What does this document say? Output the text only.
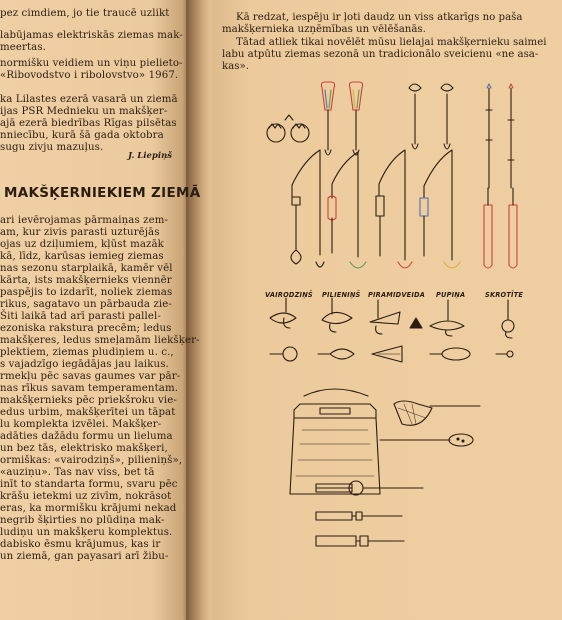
pez cimdiem, jo tie traucē uzlikt
labūjamas elektriskās ziemas mak-
meertas.
normišku veidiem un viņu pielieto-
«Ribovodstvo i ribolovstvo» 1967.
ka Lilastes ezerā vasarā un ziemā
ijas PSR Mednieku un makšķer-
ajā ezerā biedrības Rīgas pilsētas
nniecību, kurā šā gada oktobra
sugu zivju mazuļus.
J. Liepiņš
MAKŠĶERNIEKIEM ZIEMĀ
ari ievērojamas pārmaiņas zem-
am, kur zivis parasti uzturējās
ojas uz dziļumiem, kļūst mazāk
kā, līdz, karūsas iemieg ziemas
nas sezonu starplaikā, kamēr vēl
kārta, ists makšķernieks viennēr
paspējis to izdarīt, noliek ziemas
rikus, sagatavo un pārbauda zie-
Šiti laikā tad arī parasti pallel-
ezoniska rakstura precēm; ledus
makšķeres, ledus smeļamām liekšķer-
plektiem, ziemas pludiņiem u. c.,
s vajadzīgo iegādājas jau laikus.
rmekļu pēc savas gaumes var pār-
nas rīkus savam temperamentam.
makšķernieks pēc priekšroku vie-
edus urbim, makšķerītei un tāpat
lu komplekta izvēlei. Makšķer-
adāties dažādu formu un lieluma
un bez tās, elektrisko makšķeri,
ormiškas: «vairodziņš», pilieniņš»,
«auziņu». Tas nav viss, bet tā
inīt to standarta formu, svaru pēc
krāšu ietekmi uz zivīm, nokrāsot
eras, ka mormišku krājumi nekad
negrib šķirties no plūdiņa mak-
ludiņu un makšķeru komplektus.
dabisko ēsmu krājumus, kas ir
un ziemā, gan payasari arī žibu-
Kā redzat, iespēju ir ļoti daudz un viss atkarīgs no paša
makšķernieka uzņēmības un vēlēšanās.
Tātad atliek tikai novēlēt mūsu lielajai makšķernieku saimei
labu atpūtu ziemas sezonā un tradicionālo sveicienu «ne asa-
kas».
VAIRODZIŅŠ PILIENIŅŠ PIRAMIDVEIDA PUPIŅA	SKROTĪTE
